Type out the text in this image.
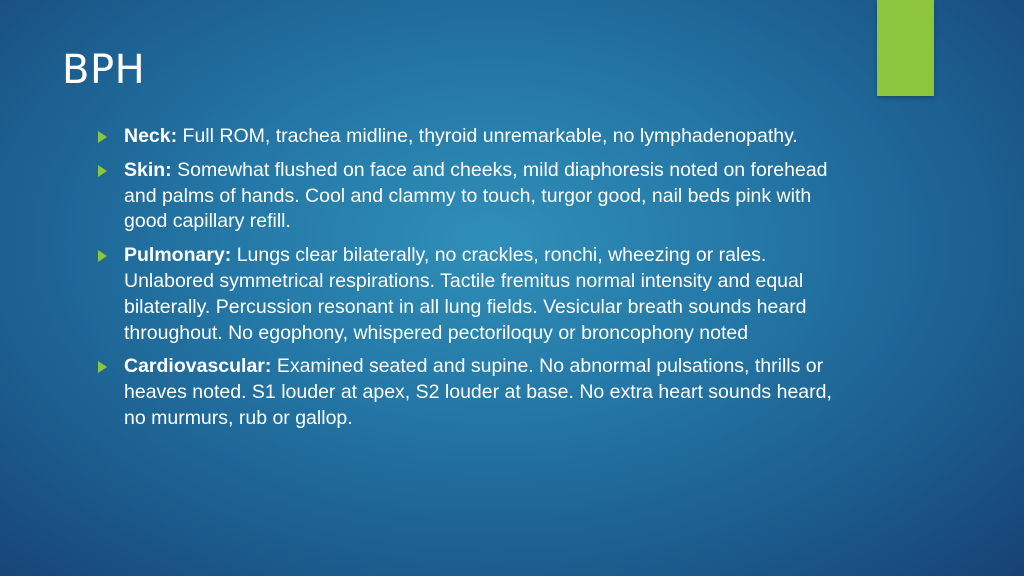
BPH
Neck: Full ROM, trachea midline, thyroid unremarkable, no lymphadenopathy.
Skin: Somewhat flushed on face and cheeks, mild diaphoresis noted on forehead and palms of hands. Cool and clammy to touch, turgor good, nail beds pink with good capillary refill.
Pulmonary: Lungs clear bilaterally, no crackles, ronchi, wheezing or rales. Unlabored symmetrical respirations. Tactile fremitus normal intensity and equal bilaterally. Percussion resonant in all lung fields. Vesicular breath sounds heard throughout. No egophony, whispered pectoriloquy or broncophony noted
Cardiovascular: Examined seated and supine. No abnormal pulsations, thrills or heaves noted. S1 louder at apex, S2 louder at base. No extra heart sounds heard, no murmurs, rub or gallop.
